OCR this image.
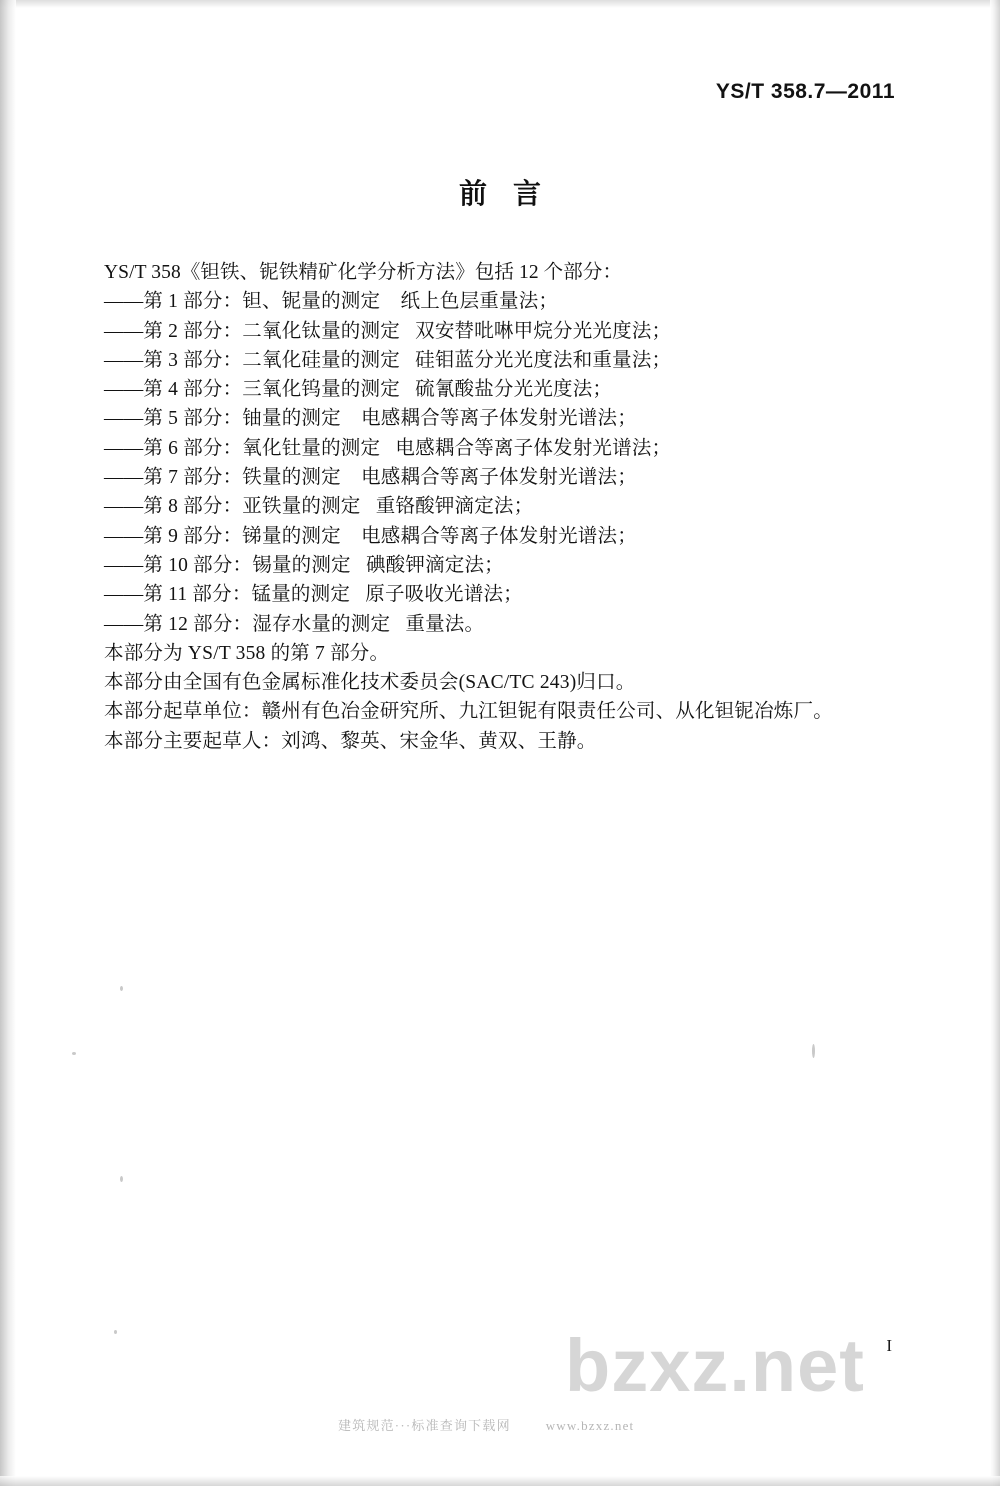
YS/T 358.7—2011
前言
YS/T 358《钽铁、铌铁精矿化学分析方法》包括 12 个部分：
——第 1 部分：钽、铌量的测定    纸上色层重量法；
——第 2 部分：二氧化钛量的测定   双安替吡啉甲烷分光光度法；
——第 3 部分：二氧化硅量的测定   硅钼蓝分光光度法和重量法；
——第 4 部分：三氧化钨量的测定   硫氰酸盐分光光度法；
——第 5 部分：铀量的测定    电感耦合等离子体发射光谱法；
——第 6 部分：氧化钍量的测定   电感耦合等离子体发射光谱法；
——第 7 部分：铁量的测定    电感耦合等离子体发射光谱法；
——第 8 部分：亚铁量的测定   重铬酸钾滴定法；
——第 9 部分：锑量的测定    电感耦合等离子体发射光谱法；
——第 10 部分：锡量的测定   碘酸钾滴定法；
——第 11 部分：锰量的测定   原子吸收光谱法；
——第 12 部分：湿存水量的测定   重量法。
本部分为 YS/T 358 的第 7 部分。
本部分由全国有色金属标准化技术委员会(SAC/TC 243)归口。
本部分起草单位：赣州有色冶金研究所、九江钽铌有限责任公司、从化钽铌冶炼厂。
本部分主要起草人：刘鸿、黎英、宋金华、黄双、王静。
I
bzxz.net
建筑规范···标准查询下载网	www.bzxz.net
